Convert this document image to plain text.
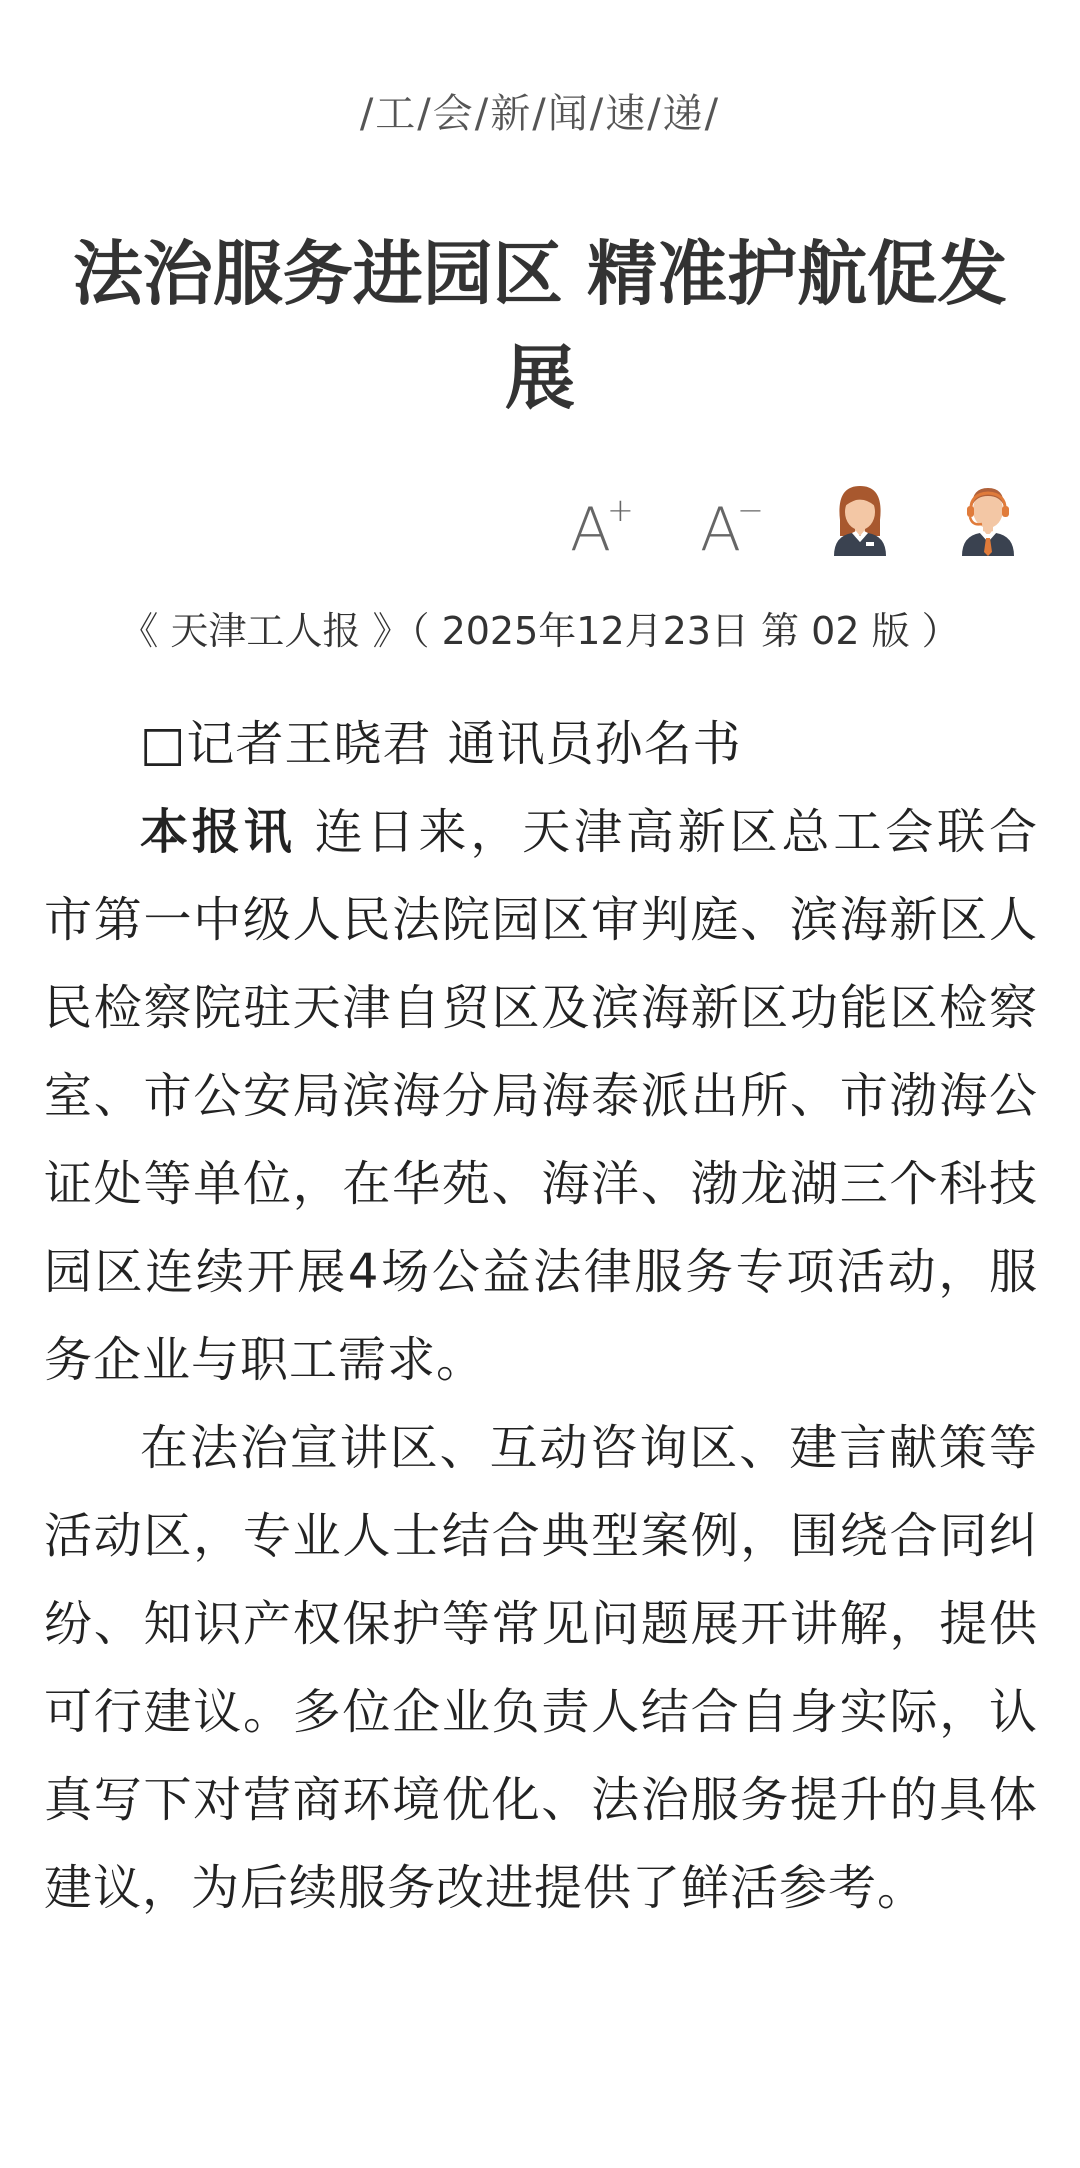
/工/会/新/闻/速/递/
法治服务进园区 精准护航促发展
A+ A−
《 天津工人报 》（ 2025年12月23日 第 02 版 ）

□记者王晓君 通讯员孙名书

本报讯 连日来，天津高新区总工会联合市第一中级人民法院园区审判庭、滨海新区人民检察院驻天津自贸区及滨海新区功能区检察室、市公安局滨海分局海泰派出所、市渤海公证处等单位，在华苑、海洋、渤龙湖三个科技园区连续开展4场公益法律服务专项活动，服务企业与职工需求。

在法治宣讲区、互动咨询区、建言献策等活动区，专业人士结合典型案例，围绕合同纠纷、知识产权保护等常见问题展开讲解，提供可行建议。多位企业负责人结合自身实际，认真写下对营商环境优化、法治服务提升的具体建议，为后续服务改进提供了鲜活参考。
